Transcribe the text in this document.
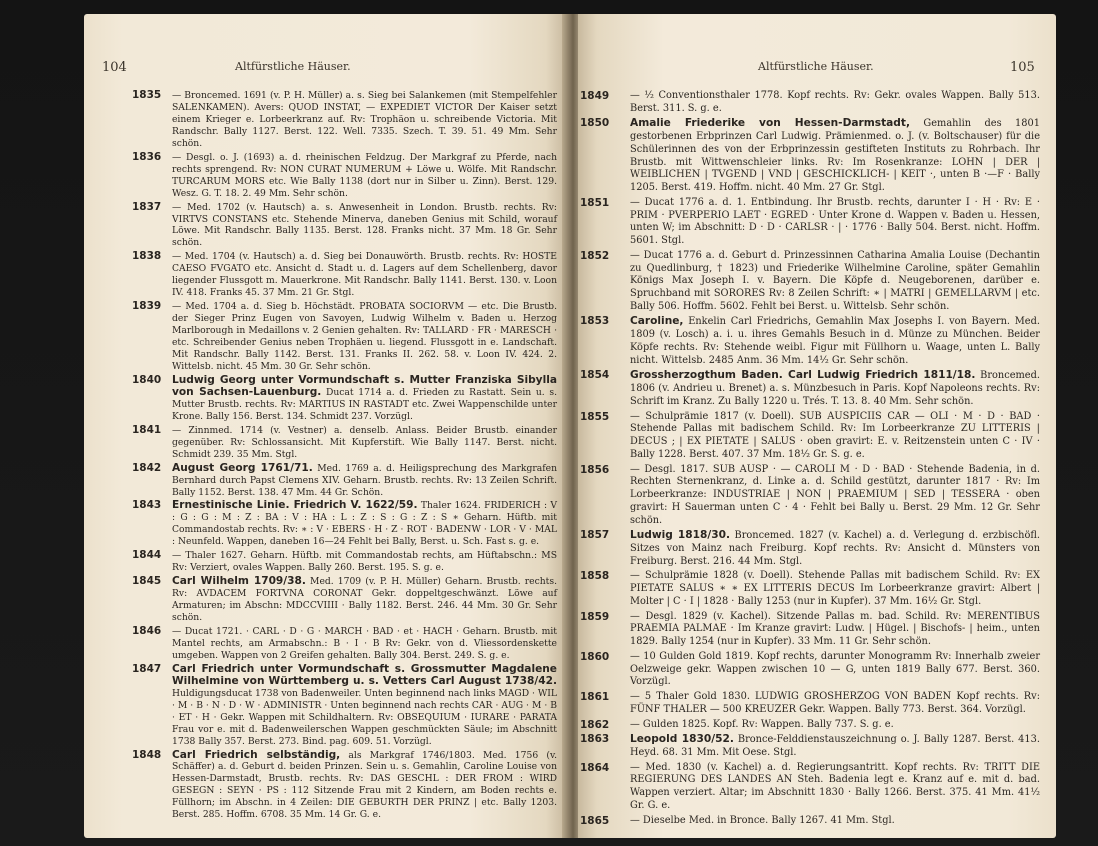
104	Altfürstliche Häuser.
1835 — Broncemed. 1691 (v. P. H. Müller) a. s. Sieg bei Salankemen (mit Stempelfehler SALENKAMEN). Avers: QUOD INSTAT, — EXPEDIET VICTOR Der Kaiser setzt einem Krieger e. Lorbeerkranz auf. Rv: Trophäon u. schreibende Victoria. Mit Randschr. Bally 1127. Berst. 122. Well. 7335. Szech. T. 39. 51. 49 Mm. Sehr schön.
1836 — Desgl. o. J. (1693) a. d. rheinischen Feldzug. Der Markgraf zu Pferde, nach rechts sprengend. Rv: NON CURAT NUMERUM + Löwe u. Wölfe. Mit Randschr. TURCARUM MORS etc. Wie Bally 1138 (dort nur in Silber u. Zinn). Berst. 129. Wesz. G. T. 18. 2. 49 Mm. Sehr schön.
1837 — Med. 1702 (v. Hautsch) a. s. Anwesenheit in London. Brustb. rechts. Rv: VIRTVS CONSTANS etc. Stehende Minerva, daneben Genius mit Schild, worauf Löwe. Mit Randschr. Bally 1135. Berst. 128. Franks nicht. 37 Mm. 18 Gr. Sehr schön.
1838 — Med. 1704 (v. Hautsch) a. d. Sieg bei Donauwörth. Brustb. rechts. Rv: HOSTE CAESO FVGATO etc. Ansicht d. Stadt u. d. Lagers auf dem Schellenberg, davor liegender Flussgott m. Mauerkrone. Mit Randschr. Bally 1141. Berst. 130. v. Loon IV. 418. Franks 45. 37 Mm. 21 Gr. Stgl.
1839 — Med. 1704 a. d. Sieg b. Höchstädt. PROBATA SOCIORVM — etc. Die Brustb. der Sieger Prinz Eugen von Savoyen, Ludwig Wilhelm v. Baden u. Herzog Marlborough in Medaillons v. 2 Genien gehalten. Rv: TALLARD · FR · MARESCH · etc. Schreibender Genius neben Trophäen u. liegend. Flussgott in e. Landschaft. Mit Randschr. Bally 1142. Berst. 131. Franks II. 262. 58. v. Loon IV. 424. 2. Wittelsb. nicht. 45 Mm. 30 Gr. Sehr schön.
1840 Ludwig Georg unter Vormundschaft s. Mutter Franziska Sibylla von Sachsen-Lauenburg. Ducat 1714 a. d. Frieden zu Rastatt. Sein u. s. Mutter Brustb. rechts. Rv: MARTIUS IN RASTADT etc. Zwei Wappenschilde unter Krone. Bally 156. Berst. 134. Schmidt 237. Vorzügl.
1841 — Zinnmed. 1714 (v. Vestner) a. denselb. Anlass. Beider Brustb. einander gegenüber. Rv: Schlossansicht. Mit Kupferstift. Wie Bally 1147. Berst. nicht. Schmidt 239. 35 Mm. Stgl.
1842 August Georg 1761/71. Med. 1769 a. d. Heiligsprechung des Markgrafen Bernhard durch Papst Clemens XIV. Geharn. Brustb. rechts. Rv: 13 Zeilen Schrift. Bally 1152. Berst. 138. 47 Mm. 44 Gr. Schön.
1843 Ernestinische Linie. Friedrich V. 1622/59. Thaler 1624. FRIDERICH : V : G : G : M : Z : BA : V : HA : L : Z : S : G : Z : S ∗ Geharn. Hüftb. mit Commandostab rechts. Rv: ∗ : V · EBERS · H · Z · ROT · BADENW · LOR · V · MAL : Neunfeld. Wappen, daneben 16—24 Fehlt bei Bally, Berst. u. Sch. Fast s. g. e.
1844 — Thaler 1627. Geharn. Hüftb. mit Commandostab rechts, am Hüftabschn.: MS Rv: Verziert, ovales Wappen. Bally 260. Berst. 195. S. g. e.
1845 Carl Wilhelm 1709/38. Med. 1709 (v. P. H. Müller) Geharn. Brustb. rechts. Rv: AVDACEM FORTVNA CORONAT Gekr. doppeltgeschwänzt. Löwe auf Armaturen; im Abschn: MDCCVIIII · Bally 1182. Berst. 246. 44 Mm. 30 Gr. Sehr schön.
1846 — Ducat 1721. · CARL · D · G · MARCH · BAD · et · HACH · Geharn. Brustb. mit Mantel rechts, am Armabschn.: B · I · B Rv: Gekr. von d. Vliessordenskette umgeben. Wappen von 2 Greifen gehalten. Bally 304. Berst. 249. S. g. e.
1847 Carl Friedrich unter Vormundschaft s. Grossmutter Magdalene Wilhelmine von Württemberg u. s. Vetters Carl August 1738/42. Huldigungsducat 1738 von Badenweiler. Unten beginnend nach links MAGD · WIL · M · B · N · D · W · ADMINISTR · Unten beginnend nach rechts CAR · AUG · M · B · ET · H · Gekr. Wappen mit Schildhaltern. Rv: OBSEQUIUM · IURARE · PARATA Frau vor e. mit d. Badenweilerschen Wappen geschmückten Säule; im Abschnitt 1738 Bally 357. Berst. 273. Bind. pag. 609. 51. Vorzügl.
1848 Carl Friedrich selbständig, als Markgraf 1746/1803. Med. 1756 (v. Schäffer) a. d. Geburt d. beiden Prinzen. Sein u. s. Gemahlin, Caroline Louise von Hessen-Darmstadt, Brustb. rechts. Rv: DAS GESCHL : DER FROM : WIRD GESEGN : SEYN · PS : 112 Sitzende Frau mit 2 Kindern, am Boden rechts e. Füllhorn; im Abschn. in 4 Zeilen: DIE GEBURTH DER PRINZ | etc. Bally 1203. Berst. 285. Hoffm. 6708. 35 Mm. 14 Gr. G. e.
Altfürstliche Häuser.	105
1849 — ⅟₂ Conventionsthaler 1778. Kopf rechts. Rv: Gekr. ovales Wappen. Bally 513. Berst. 311. S. g. e.
1850 Amalie Friederike von Hessen-Darmstadt, Gemahlin des 1801 gestorbenen Erbprinzen Carl Ludwig. Prämienmed. o. J. (v. Boltschauser) für die Schülerinnen des von der Erbprinzessin gestifteten Instituts zu Rohrbach. Ihr Brustb. mit Wittwenschleier links. Rv: Im Rosenkranze: LOHN | DER | WEIBLICHEN | TVGEND | VND | GESCHICKLICH- | KEIT ·, unten B ·—F · Bally 1205. Berst. 419. Hoffm. nicht. 40 Mm. 27 Gr. Stgl.
1851 — Ducat 1776 a. d. 1. Entbindung. Ihr Brustb. rechts, darunter I · H · Rv: E · PRIM · PVERPERIO LAET · EGRED · Unter Krone d. Wappen v. Baden u. Hessen, unten W; im Abschnitt: D · D · CARLSR · | · 1776 · Bally 504. Berst. nicht. Hoffm. 5601. Stgl.
1852 — Ducat 1776 a. d. Geburt d. Prinzessinnen Catharina Amalia Louise (Dechantin zu Quedlinburg, † 1823) und Friederike Wilhelmine Caroline, später Gemahlin Königs Max Joseph I. v. Bayern. Die Köpfe d. Neugeborenen, darüber e. Spruchband mit SORORES Rv: 8 Zeilen Schrift: ∗ | MATRI | GEMELLARVM | etc. Bally 506. Hoffm. 5602. Fehlt bei Berst. u. Wittelsb. Sehr schön.
1853 Caroline, Enkelin Carl Friedrichs, Gemahlin Max Josephs I. von Bayern. Med. 1809 (v. Losch) a. i. u. ihres Gemahls Besuch in d. Münze zu München. Beider Köpfe rechts. Rv: Stehende weibl. Figur mit Füllhorn u. Waage, unten L. Bally nicht. Wittelsb. 2485 Anm. 36 Mm. 14⅟₂ Gr. Sehr schön.
1854 Grossherzogthum Baden. Carl Ludwig Friedrich 1811/18. Broncemed. 1806 (v. Andrieu u. Brenet) a. s. Münzbesuch in Paris. Kopf Napoleons rechts. Rv: Schrift im Kranz. Zu Bally 1220 u. Trés. T. 13. 8. 40 Mm. Sehr schön.
1855 — Schulprämie 1817 (v. Doell). SUB AUSPICIIS CAR — OLI · M · D · BAD · Stehende Pallas mit badischem Schild. Rv: Im Lorbeerkranze ZU LITTERIS | DECUS ; | EX PIETATE | SALUS · oben gravirt: E. v. Reitzenstein unten C · IV · Bally 1228. Berst. 407. 37 Mm. 18⅟₂ Gr. S. g. e.
1856 — Desgl. 1817. SUB AUSP · — CAROLI M · D · BAD · Stehende Badenia, in d. Rechten Sternenkranz, d. Linke a. d. Schild gestützt, darunter 1817 · Rv: Im Lorbeerkranze: INDUSTRIAE | NON | PRAEMIUM | SED | TESSERA · oben gravirt: H Sauerman unten C · 4 · Fehlt bei Bally u. Berst. 29 Mm. 12 Gr. Sehr schön.
1857 Ludwig 1818/30. Broncemed. 1827 (v. Kachel) a. d. Verlegung d. erzbischöfl. Sitzes von Mainz nach Freiburg. Kopf rechts. Rv: Ansicht d. Münsters von Freiburg. Berst. 216. 44 Mm. Stgl.
1858 — Schulprämie 1828 (v. Doell). Stehende Pallas mit badischem Schild. Rv: EX PIETATE SALUS ∗ ∗ EX LITTERIS DECUS Im Lorbeerkranze gravirt: Albert | Molter | C · I | 1828 · Bally 1253 (nur in Kupfer). 37 Mm. 16⅟₂ Gr. Stgl.
1859 — Desgl. 1829 (v. Kachel). Sitzende Pallas m. bad. Schild. Rv: MERENTIBUS PRAEMIA PALMAE · Im Kranze gravirt: Ludw. | Hügel. | Bischofs- | heim., unten 1829. Bally 1254 (nur in Kupfer). 33 Mm. 11 Gr. Sehr schön.
1860 — 10 Gulden Gold 1819. Kopf rechts, darunter Monogramm Rv: Innerhalb zweier Oelzweige gekr. Wappen zwischen 10 — G, unten 1819 Bally 677. Berst. 360. Vorzügl.
1861 — 5 Thaler Gold 1830. LUDWIG GROSHERZOG VON BADEN Kopf rechts. Rv: FÜNF THALER — 500 KREUZER Gekr. Wappen. Bally 773. Berst. 364. Vorzügl.
1862 — Gulden 1825. Kopf. Rv: Wappen. Bally 737. S. g. e.
1863 Leopold 1830/52. Bronce-Felddienstauszeichnung o. J. Bally 1287. Berst. 413. Heyd. 68. 31 Mm. Mit Oese. Stgl.
1864 — Med. 1830 (v. Kachel) a. d. Regierungsantritt. Kopf rechts. Rv: TRITT DIE REGIERUNG DES LANDES AN Steh. Badenia legt e. Kranz auf e. mit d. bad. Wappen verziert. Altar; im Abschnitt 1830 · Bally 1266. Berst. 375. 41 Mm. 41⅟₂ Gr. G. e.
1865 — Dieselbe Med. in Bronce. Bally 1267. 41 Mm. Stgl.
